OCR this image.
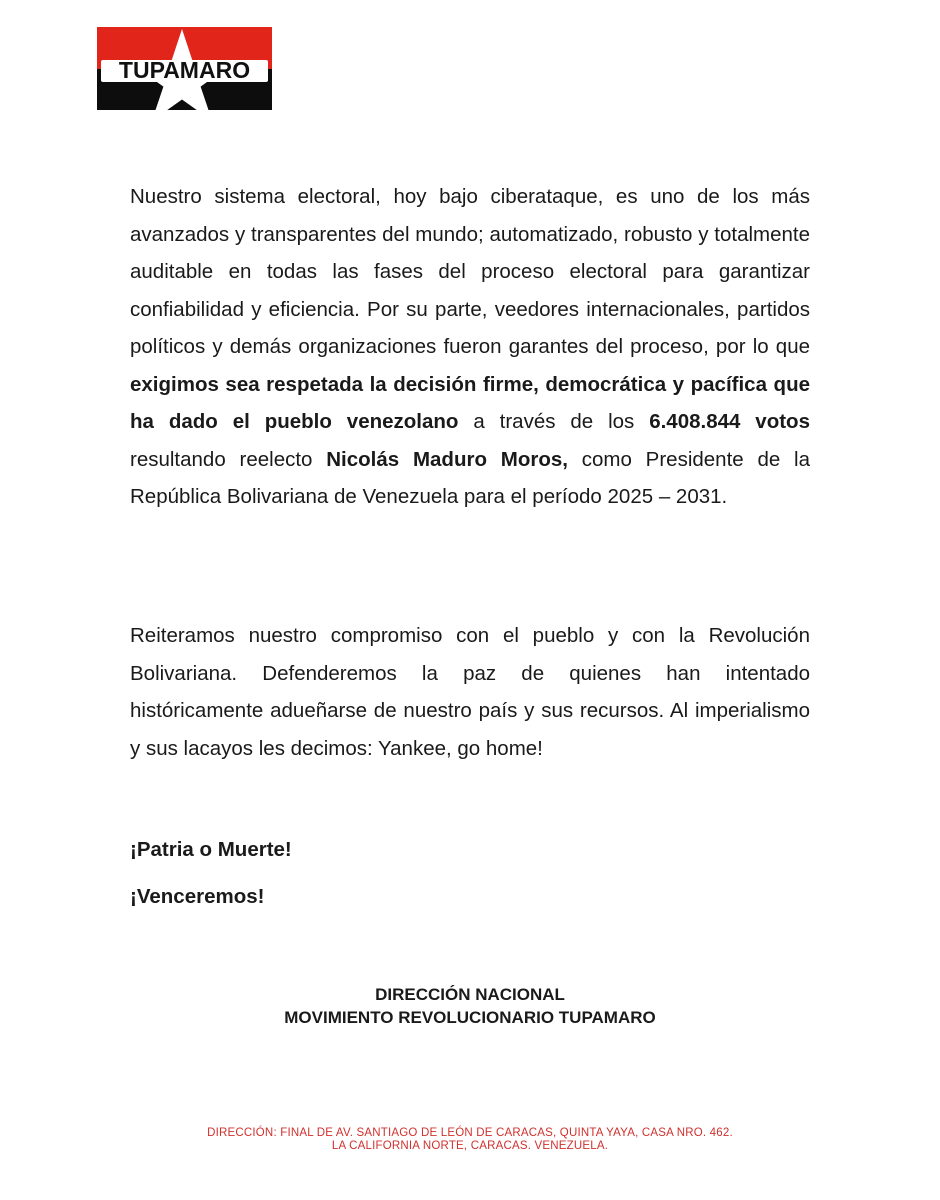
TUPAMARO

Nuestro sistema electoral, hoy bajo ciberataque, es uno de los más avanzados y transparentes del mundo; automatizado, robusto y totalmente auditable en todas las fases del proceso electoral para garantizar confiabilidad y eficiencia. Por su parte, veedores internacionales, partidos políticos y demás organizaciones fueron garantes del proceso, por lo que exigimos sea respetada la decisión firme, democrática y pacífica que ha dado el pueblo venezolano a través de los 6.408.844 votos resultando reelecto Nicolás Maduro Moros, como Presidente de la República Bolivariana de Venezuela para el período 2025 – 2031.

Reiteramos nuestro compromiso con el pueblo y con la Revolución Bolivariana. Defenderemos la paz de quienes han intentado históricamente adueñarse de nuestro país y sus recursos. Al imperialismo y sus lacayos les decimos: Yankee, go home!

¡Patria o Muerte!

¡Venceremos!

DIRECCIÓN NACIONAL
MOVIMIENTO REVOLUCIONARIO TUPAMARO
DIRECCIÓN: FINAL DE AV. SANTIAGO DE LEÓN DE CARACAS, QUINTA YAYA, CASA NRO. 462.
LA CALIFORNIA NORTE, CARACAS. VENEZUELA.
